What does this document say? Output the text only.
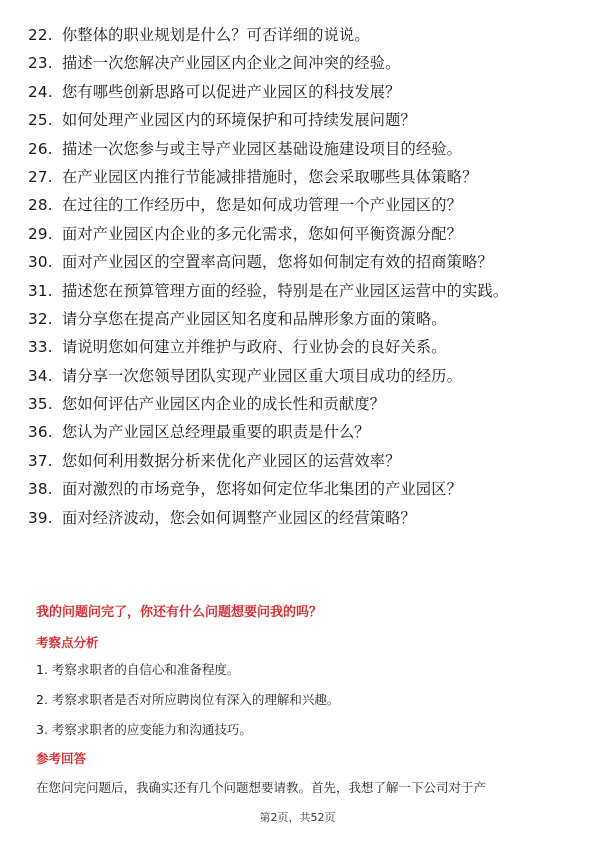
22. 你整体的职业规划是什么？可否详细的说说。
23. 描述一次您解决产业园区内企业之间冲突的经验。
24. 您有哪些创新思路可以促进产业园区的科技发展？
25. 如何处理产业园区内的环境保护和可持续发展问题？
26. 描述一次您参与或主导产业园区基础设施建设项目的经验。
27. 在产业园区内推行节能减排措施时，您会采取哪些具体策略？
28. 在过往的工作经历中，您是如何成功管理一个产业园区的？
29. 面对产业园区内企业的多元化需求，您如何平衡资源分配？
30. 面对产业园区的空置率高问题，您将如何制定有效的招商策略？
31. 描述您在预算管理方面的经验，特别是在产业园区运营中的实践。
32. 请分享您在提高产业园区知名度和品牌形象方面的策略。
33. 请说明您如何建立并维护与政府、行业协会的良好关系。
34. 请分享一次您领导团队实现产业园区重大项目成功的经历。
35. 您如何评估产业园区内企业的成长性和贡献度？
36. 您认为产业园区总经理最重要的职责是什么？
37. 您如何利用数据分析来优化产业园区的运营效率？
38. 面对激烈的市场竞争，您将如何定位华北集团的产业园区？
39. 面对经济波动，您会如何调整产业园区的经营策略？
我的问题问完了，你还有什么问题想要问我的吗？
考察点分析
1. 考察求职者的自信心和准备程度。
2. 考察求职者是否对所应聘岗位有深入的理解和兴趣。
3. 考察求职者的应变能力和沟通技巧。
参考回答
在您问完问题后，我确实还有几个问题想要请教。首先，我想了解一下公司对于产
第2页，共52页
